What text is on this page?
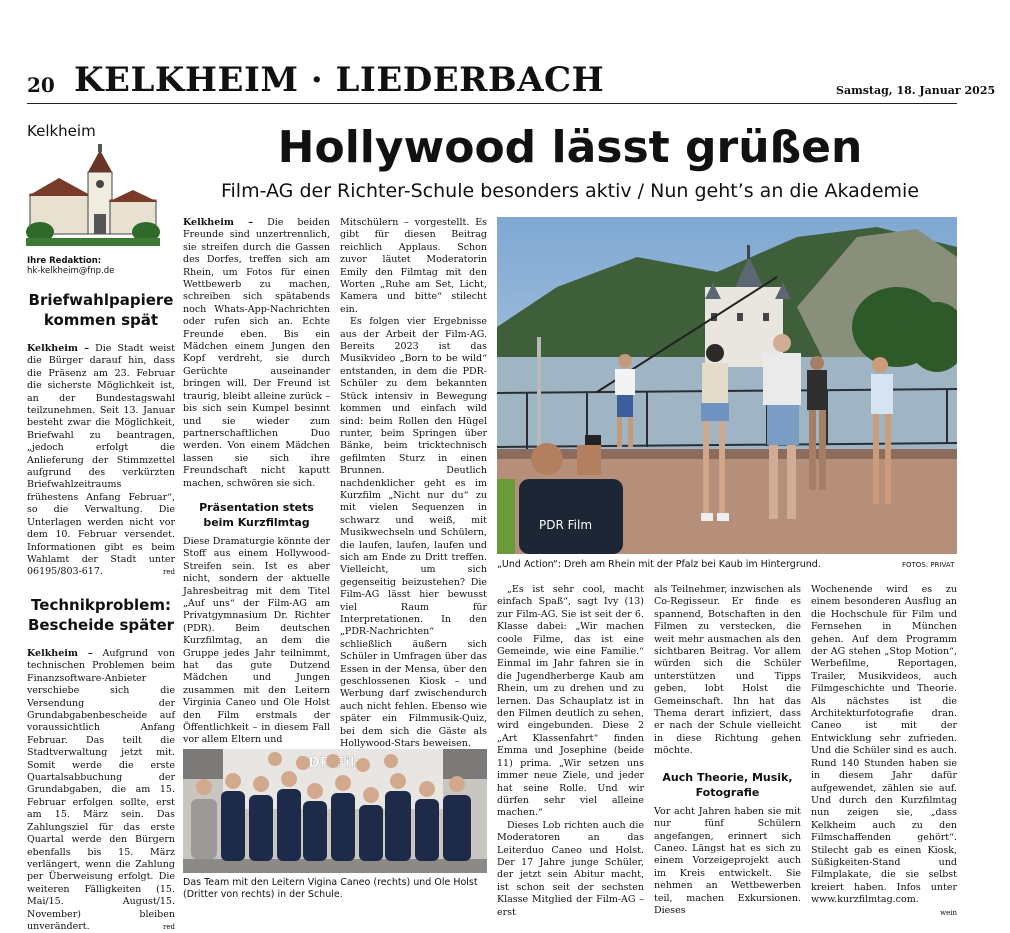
20 KELKHEIM · LIEDERBACH	Samstag, 18. Januar 2025
Kelkheim
Ihre Redaktion:
hk-kelkheim@fnp.de
Briefwahlpapiere kommen spät

Kelkheim – Die Stadt weist die Bürger darauf hin, dass die Präsenz am 23. Februar die sicherste Möglichkeit ist, an der Bundestagswahl teilzunehmen. Seit 13. Januar besteht zwar die Möglichkeit, Briefwahl zu beantragen, „jedoch erfolgt die Anlieferung der Stimmzettel aufgrund des verkürzten Briefwahlzeitraums frühestens Anfang Februar“, so die Verwaltung. Die Unterlagen werden nicht vor dem 10. Februar versendet. Informationen gibt es beim Wahlamt der Stadt unter 06195/803-617.	red

Technikproblem: Bescheide später

Kelkheim – Aufgrund von technischen Problemen beim Finanzsoftware-Anbieter verschiebe sich die Versendung der Grundabgabenbescheide auf voraussichtlich Anfang Februar. Das teilt die Stadtverwaltung jetzt mit. Somit werde die erste Quartalsabbuchung der Grundabgaben, die am 15. Februar erfolgen sollte, erst am 15. März sein. Das Zahlungsziel für das erste Quartal werde den Bürgern ebenfalls bis 15. März verlängert, wenn die Zahlung per Überweisung erfolgt. Die weiteren Fälligkeiten (15. Mai/15. August/15. November) bleiben unverändert.	red

Hollywood lässt grüßen
Film-AG der Richter-Schule besonders aktiv / Nun geht’s an die Akademie

Kelkheim – Die beiden Freunde sind unzertrennlich, sie streifen durch die Gassen des Dorfes, treffen sich am Rhein, um Fotos für einen Wettbewerb zu machen, schreiben sich spätabends noch Whats-App-Nachrichten oder rufen sich an. Echte Freunde eben. Bis ein Mädchen einem Jungen den Kopf verdreht, sie durch Gerüchte auseinander bringen will. Der Freund ist traurig, bleibt alleine zurück – bis sich sein Kumpel besinnt und sie wieder zum partnerschaftlichen Duo werden. Von einem Mädchen lassen sie sich ihre Freundschaft nicht kaputt machen, schwören sie sich.

Präsentation stets beim Kurzfilmtag

Diese Dramaturgie könnte der Stoff aus einem Hollywood-Streifen sein. Ist es aber nicht, sondern der aktuelle Jahresbeitrag mit dem Titel „Auf uns“ der Film-AG am Privatgymnasium Dr. Richter (PDR). Beim deutschen Kurzfilmtag, an dem die Gruppe jedes Jahr teilnimmt, hat das gute Dutzend Mädchen und Jungen zusammen mit den Leitern Virginia Caneo und Ole Holst den Film erstmals der Öffentlichkeit – in diesem Fall vor allem Eltern und

Mitschülern – vorgestellt. Es gibt für diesen Beitrag reichlich Applaus. Schon zuvor läutet Moderatorin Emily den Filmtag mit den Worten „Ruhe am Set, Licht, Kamera und bitte“ stilecht ein.

Es folgen vier Ergebnisse aus der Arbeit der Film-AG. Bereits 2023 ist das Musikvideo „Born to be wild“ entstanden, in dem die PDR-Schüler zu dem bekannten Stück intensiv in Bewegung kommen und einfach wild sind: beim Rollen den Hügel runter, beim Springen über Bänke, beim tricktechnisch gefilmten Sturz in einen Brunnen. Deutlich nachdenklicher geht es im Kurzfilm „Nicht nur du“ zu mit vielen Sequenzen in schwarz und weiß, mit Musikwechseln und Schülern, die laufen, laufen, laufen und sich am Ende zu Dritt treffen. Vielleicht, um sich gegenseitig beizustehen? Die Film-AG lässt hier bewusst viel Raum für Interpretationen. In den „PDR-Nachrichten“ schließlich äußern sich Schüler in Umfragen über das Essen in der Mensa, über den geschlossenen Kiosk – und Werbung darf zwischendurch auch nicht fehlen. Ebenso wie später ein Filmmusik-Quiz, bei dem sich die Gäste als Hollywood-Stars beweisen.

PDR Film
„Und Action“: Dreh am Rhein mit der Pfalz bei Kaub im Hintergrund.	FOTOS: PRIVAT
PDR Film
Das Team mit den Leitern Vigina Caneo (rechts) und Ole Holst (Dritter von rechts) in der Schule.

„Es ist sehr cool, macht einfach Spaß“, sagt Ivy (13) zur Film-AG. Sie ist seit der 6. Klasse dabei: „Wir machen coole Filme, das ist eine Gemeinde, wie eine Familie.“ Einmal im Jahr fahren sie in die Jugendherberge Kaub am Rhein, um zu drehen und zu lernen. Das Schauplatz ist in den Filmen deutlich zu sehen, wird eingebunden. Diese 2 „Art Klassenfahrt“ finden Emma und Josephine (beide 11) prima. „Wir setzen uns immer neue Ziele, und jeder hat seine Rolle. Und wir dürfen sehr viel alleine machen.“

Dieses Lob richten auch die Moderatoren an das Leiterduo Caneo und Holst. Der 17 Jahre junge Schüler, der jetzt sein Abitur macht, ist schon seit der sechsten Klasse Mitglied der Film-AG – erst

als Teilnehmer, inzwischen als Co-Regisseur. Er finde es spannend, Botschaften in den Filmen zu verstecken, die weit mehr ausmachen als den sichtbaren Beitrag. Vor allem würden sich die Schüler unterstützen und Tipps geben, lobt Holst die Gemeinschaft. Ihn hat das Thema derart infiziert, dass er nach der Schule vielleicht in diese Richtung gehen möchte.

Auch Theorie, Musik, Fotografie

Vor acht Jahren haben sie mit nur fünf Schülern angefangen, erinnert sich Caneo. Längst hat es sich zu einem Vorzeigeprojekt auch im Kreis entwickelt. Sie nehmen an Wettbewerben teil, machen Exkursionen. Dieses

Wochenende wird es zu einem besonderen Ausflug an die Hochschule für Film und Fernsehen in München gehen. Auf dem Programm der AG stehen „Stop Motion“, Werbefilme, Reportagen, Trailer, Musikvideos, auch Filmgeschichte und Theorie. Als nächstes ist die Architekturfotografie dran. Caneo ist mit der Entwicklung sehr zufrieden. Und die Schüler sind es auch. Rund 140 Stunden haben sie in diesem Jahr dafür aufgewendet, zählen sie auf. Und durch den Kurzfilmtag nun zeigen sie, „dass Kelkheim auch zu den Filmschaffenden gehört“. Stilecht gab es einen Kiosk, Süßigkeiten-Stand und Filmplakate, die sie selbst kreiert haben. Infos unter www.kurzfilmtag.com.

wein
